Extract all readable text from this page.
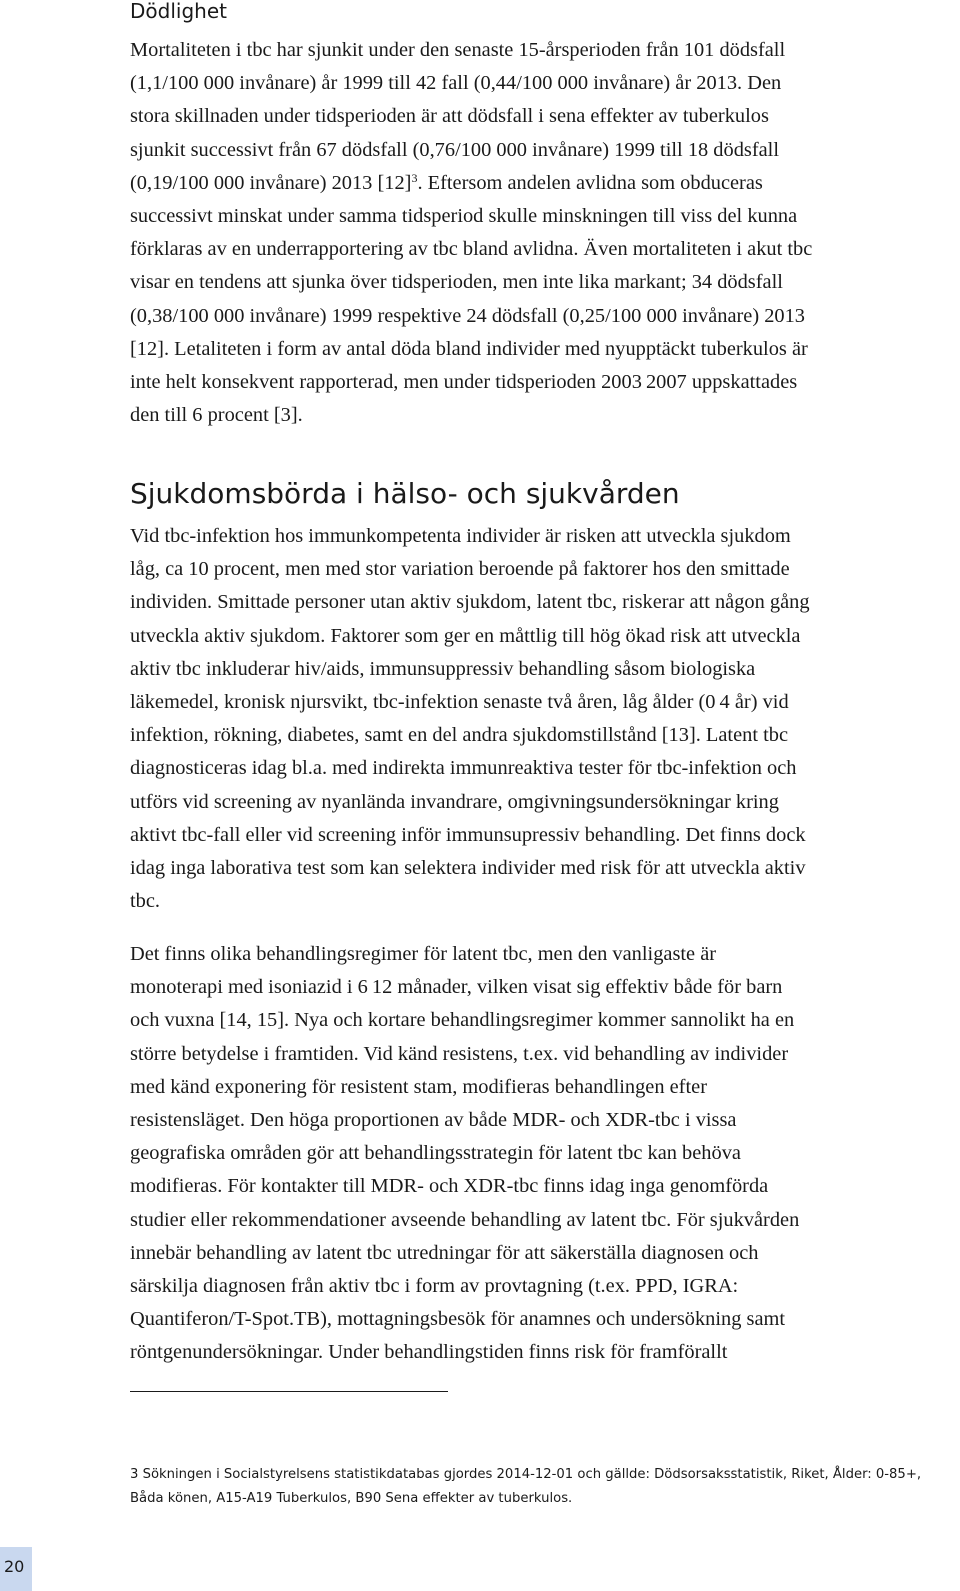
Dödlighet

Mortaliteten i tbc har sjunkit under den senaste 15-årsperioden från 101 dödsfall
(1,1/100 000 invånare) år 1999 till 42 fall (0,44/100 000 invånare) år 2013. Den
stora skillnaden under tidsperioden är att dödsfall i sena effekter av tuberkulos
sjunkit successivt från 67 dödsfall (0,76/100 000 invånare) 1999 till 18 dödsfall
(0,19/100 000 invånare) 2013 $[12]^3$. Eftersom andelen avlidna som obduceras
successivt minskat under samma tidsperiod skulle minskningen till viss del kunna
förklaras av en underrapportering av tbc bland avlidna. Även mortaliteten i akut tbc
visar en tendens att sjunka över tidsperioden, men inte lika markant; 34 dödsfall
(0,38/100 000 invånare) 1999 respektive 24 dödsfall (0,25/100 000 invånare) 2013
[12]. Letaliteten i form av antal döda bland individer med nyupptäckt tuberkulos är
inte helt konsekvent rapporterad, men under tidsperioden 2003 2007 uppskattades
den till 6 procent [3].

Sjukdomsbörda i hälso- och sjukvården

Vid tbc-infektion hos immunkompetenta individer är risken att utveckla sjukdom
låg, ca 10 procent, men med stor variation beroende på faktorer hos den smittade
individen. Smittade personer utan aktiv sjukdom, latent tbc, riskerar att någon gång
utveckla aktiv sjukdom. Faktorer som ger en måttlig till hög ökad risk att utveckla
aktiv tbc inkluderar hiv/aids, immunsuppressiv behandling såsom biologiska
läkemedel, kronisk njursvikt, tbc-infektion senaste två åren, låg ålder (0 4 år) vid
infektion, rökning, diabetes, samt en del andra sjukdomstillstånd [13]. Latent tbc
diagnosticeras idag bl.a. med indirekta immunreaktiva tester för tbc-infektion och
utförs vid screening av nyanlända invandrare, omgivningsundersökningar kring
aktivt tbc-fall eller vid screening inför immunsupressiv behandling. Det finns dock
idag inga laborativa test som kan selektera individer med risk för att utveckla aktiv
tbc.

Det finns olika behandlingsregimer för latent tbc, men den vanligaste är
monoterapi med isoniazid i 6 12 månader, vilken visat sig effektiv både för barn
och vuxna [14, 15]. Nya och kortare behandlingsregimer kommer sannolikt ha en
större betydelse i framtiden. Vid känd resistens, t.ex. vid behandling av individer
med känd exponering för resistent stam, modifieras behandlingen efter
resistensläget. Den höga proportionen av både MDR- och XDR-tbc i vissa
geografiska områden gör att behandlingsstrategin för latent tbc kan behöva
modifieras. För kontakter till MDR- och XDR-tbc finns idag inga genomförda
studier eller rekommendationer avseende behandling av latent tbc. För sjukvården
innebär behandling av latent tbc utredningar för att säkerställa diagnosen och
särskilja diagnosen från aktiv tbc i form av provtagning (t.ex. PPD, IGRA:
Quantiferon/T-Spot.TB), mottagningsbesök för anamnes och undersökning samt
röntgenundersökningar. Under behandlingstiden finns risk för framförallt

3 Sökningen i Socialstyrelsens statistikdatabas gjordes 2014-12-01 och gällde: Dödsorsaksstatistik, Riket, Ålder: 0-85+,
Båda könen, A15-A19 Tuberkulos, B90 Sena effekter av tuberkulos.

20
